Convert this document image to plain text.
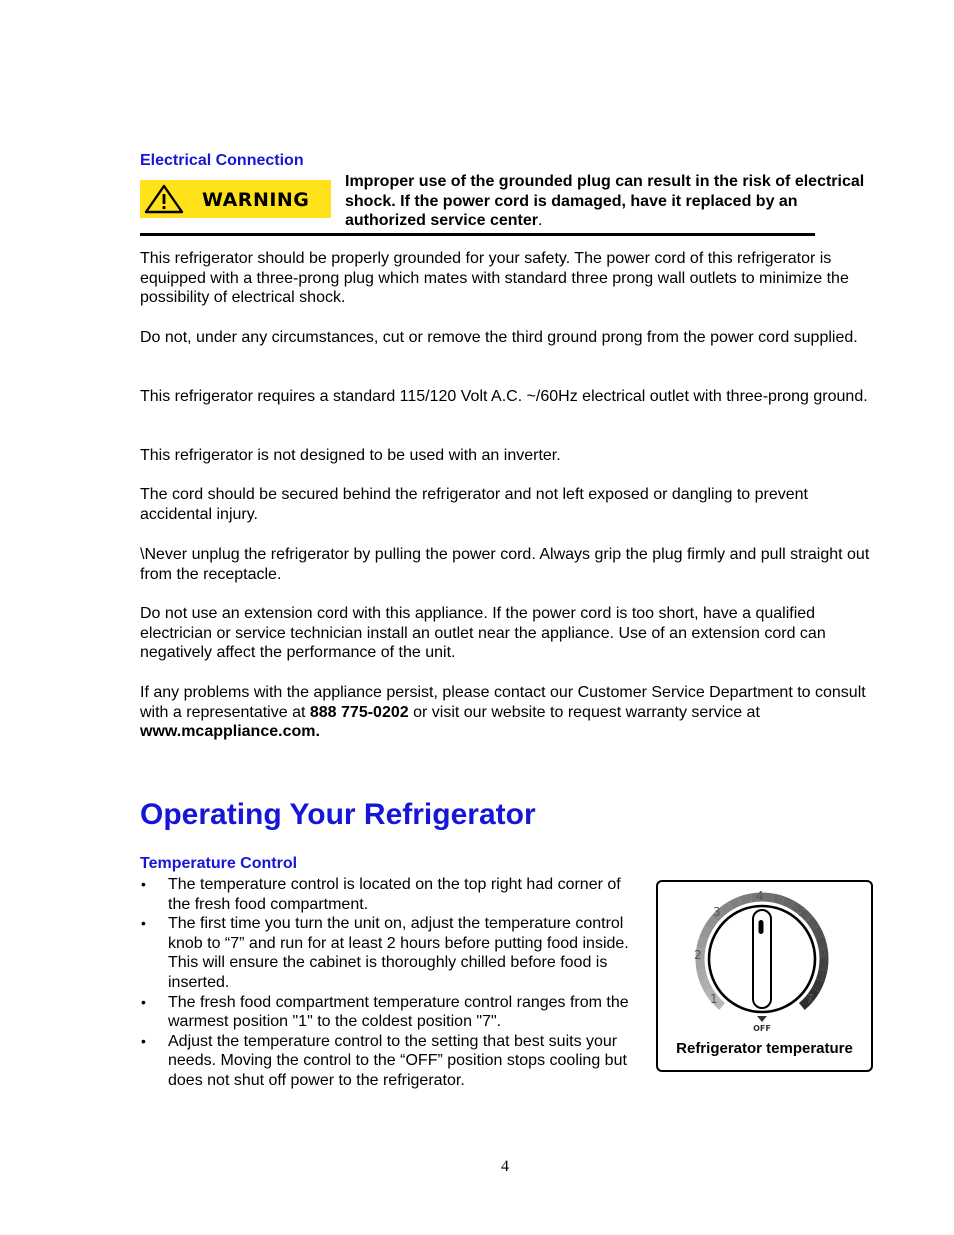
Electrical Connection
WARNING
Improper use of the grounded plug can result in the risk of electrical shock. If the power cord is damaged, have it replaced by an authorized service center.

This refrigerator should be properly grounded for your safety. The power cord of this refrigerator is equipped with a three-prong plug which mates with standard three prong wall outlets to minimize the possibility of electrical shock.

Do not, under any circumstances, cut or remove the third ground prong from the power cord supplied.

This refrigerator requires a standard 115/120 Volt A.C. ~/60Hz electrical outlet with three-prong ground.

This refrigerator is not designed to be used with an inverter.

The cord should be secured behind the refrigerator and not left exposed or dangling to prevent accidental injury.

\Never unplug the refrigerator by pulling the power cord. Always grip the plug firmly and pull straight out from the receptacle.

Do not use an extension cord with this appliance. If the power cord is too short, have a qualified electrician or service technician install an outlet near the appliance. Use of an extension cord can negatively affect the performance of the unit.

If any problems with the appliance persist, please contact our Customer Service Department to consult with a representative at 888 775-0202 or visit our website to request warranty service at www.mcappliance.com.

Operating Your Refrigerator
Temperature Control
• The temperature control is located on the top right had corner of the fresh food compartment.
• The first time you turn the unit on, adjust the temperature control knob to “7” and run for at least 2 hours before putting food inside. This will ensure the cabinet is thoroughly chilled before food is inserted.
• The fresh food compartment temperature control ranges from the warmest position "1" to the coldest position "7".
• Adjust the temperature control to the setting that best suits your needs. Moving the control to the “OFF” position stops cooling but does not shut off power to the refrigerator.
1
2
3
4
5
6
7
OFF
Refrigerator temperature
4
